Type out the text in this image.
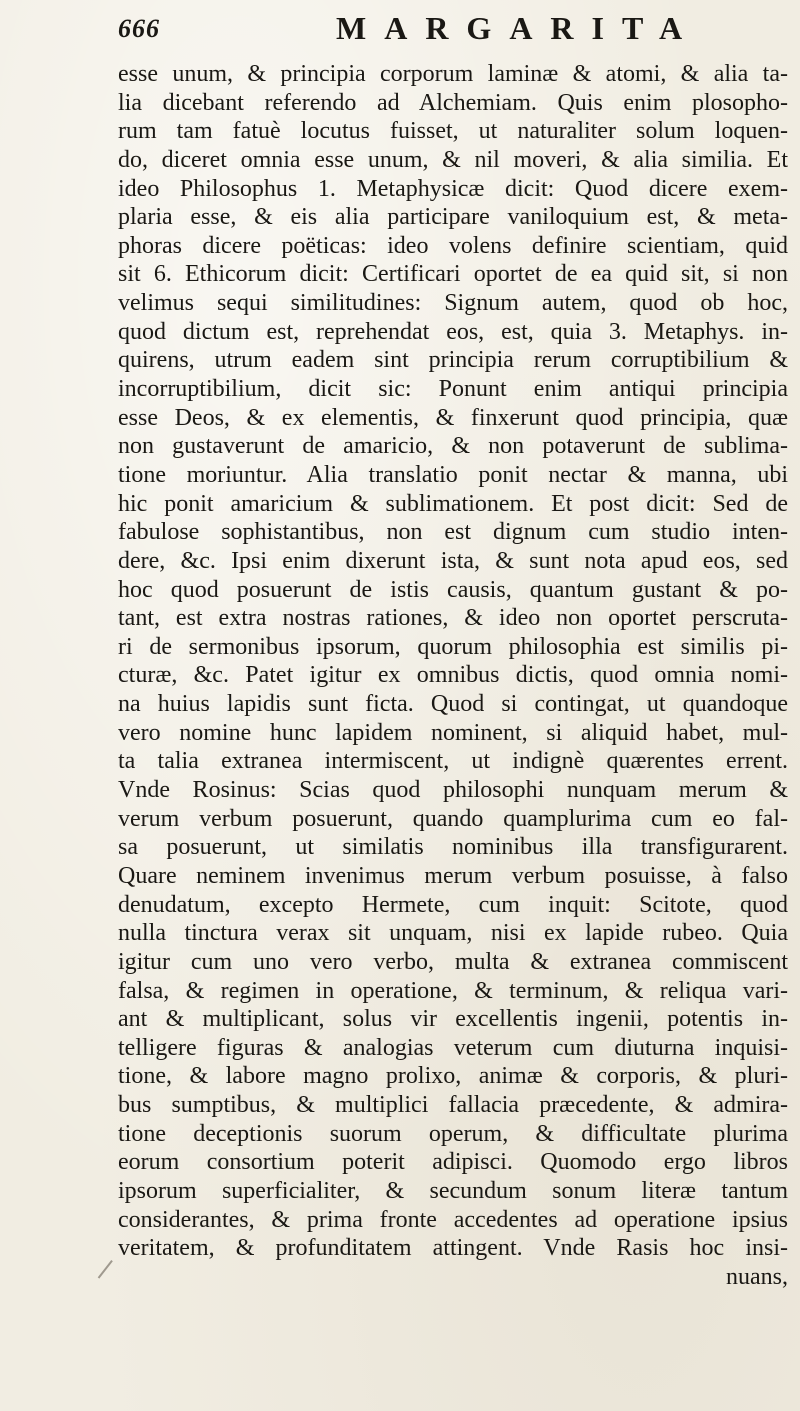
666	MARGARITA
esse unum, & principia corporum laminæ & atomi, & alia ta-
lia dicebant referendo ad Alchemiam. Quis enim plosopho-
rum tam fatuè locutus fuisset, ut naturaliter solum loquen-
do, diceret omnia esse unum, & nil moveri, & alia similia. Et
ideo Philosophus 1. Metaphysicæ dicit: Quod dicere exem-
plaria esse, & eis alia participare vaniloquium est, & meta-
phoras dicere poëticas: ideo volens definire scientiam, quid
sit 6. Ethicorum dicit: Certificari oportet de ea quid sit, si non
velimus sequi similitudines: Signum autem, quod ob hoc,
quod dictum est, reprehendat eos, est, quia 3. Metaphys. in-
quirens, utrum eadem sint principia rerum corruptibilium &
incorruptibilium, dicit sic: Ponunt enim antiqui principia
esse Deos, & ex elementis, & finxerunt quod principia, quæ
non gustaverunt de amaricio, & non potaverunt de sublima-
tione moriuntur. Alia translatio ponit nectar & manna, ubi
hic ponit amaricium & sublimationem. Et post dicit: Sed de
fabulose sophistantibus, non est dignum cum studio inten-
dere, &c. Ipsi enim dixerunt ista, & sunt nota apud eos, sed
hoc quod posuerunt de istis causis, quantum gustant & po-
tant, est extra nostras rationes, & ideo non oportet perscruta-
ri de sermonibus ipsorum, quorum philosophia est similis pi-
cturæ, &c. Patet igitur ex omnibus dictis, quod omnia nomi-
na huius lapidis sunt ficta. Quod si contingat, ut quandoque
vero nomine hunc lapidem nominent, si aliquid habet, mul-
ta talia extranea intermiscent, ut indignè quærentes errent.
Vnde Rosinus: Scias quod philosophi nunquam merum &
verum verbum posuerunt, quando quamplurima cum eo fal-
sa posuerunt, ut similatis nominibus illa transfigurarent.
Quare neminem invenimus merum verbum posuisse, à falso
denudatum, excepto Hermete, cum inquit: Scitote, quod
nulla tinctura verax sit unquam, nisi ex lapide rubeo. Quia
igitur cum uno vero verbo, multa & extranea commiscent
falsa, & regimen in operatione, & terminum, & reliqua vari-
ant & multiplicant, solus vir excellentis ingenii, potentis in-
telligere figuras & analogias veterum cum diuturna inquisi-
tione, & labore magno prolixo, animæ & corporis, & pluri-
bus sumptibus, & multiplici fallacia præcedente, & admira-
tione deceptionis suorum operum, & difficultate plurima
eorum consortium poterit adipisci. Quomodo ergo libros
ipsorum superficialiter, & secundum sonum literæ tantum
considerantes, & prima fronte accedentes ad operatione ipsius
veritatem, & profunditatem attingent. Vnde Rasis hoc insi-
nuans,
